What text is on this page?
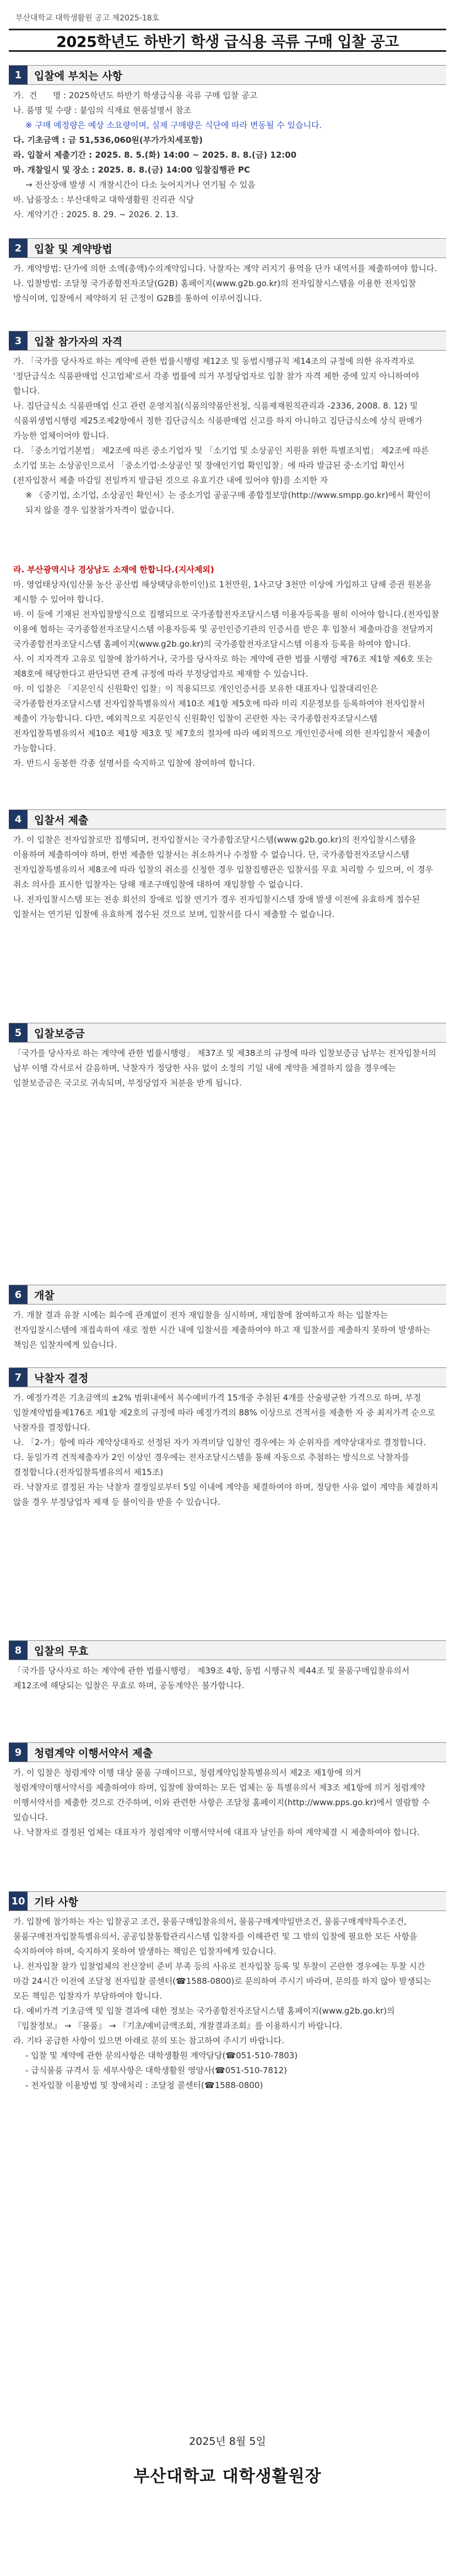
부산대학교 대학생활원 공고 제2025-18호
2025학년도 하반기 학생 급식용 곡류 구매 입찰 공고
1	입찰에 부치는 사항
가.  건      명 : 2025학년도 하반기 학생급식용 곡류 구매 입찰 공고
나. 품명 및 수량 : 붙임의 식재료 현품설명서 참조
※ 구매 예정량은 예상 소요량이며, 실제 구매량은 식단에 따라 변동될 수 있습니다.
다. 기초금액 : 금 51,536,060원(부가가치세포함)
라. 입찰서 제출기간 : 2025. 8. 5.(화) 14:00 ~ 2025. 8. 8.(금) 12:00
마. 개찰일시 및 장소 : 2025. 8. 8.(금) 14:00 입찰집행관 PC
→ 전산장애 발생 시 개찰시간이 다소 늦어지거나 연기될 수 있음
바. 납품장소 : 부산대학교 대학생활원 진리관 식당
사. 계약기간 : 2025. 8. 29. ~ 2026. 2. 13.
2	입찰 및 계약방법
가. 계약방법: 단가에 의한 소액(총액)수의계약입니다. 낙찰자는 계약 러지기 용역을 단가 내역서를 제출하여야 합니다.
나. 입찰방법: 조달청 국가종합전자조달(G2B) 홈페이지(www.g2b.go.kr)의 전자입찰시스템을 이용한 전자입찰 방식이며, 입찰에서 제약하지 된 근정이 G2B를 통하여 이루어집니다.
3	입찰 참가자의 자격
가. 「국가를 당사자로 하는 계약에 관한 법률시행령 제12조 및 동법시행규칙 제14조의 규정에 의한 유자격자로 '정단급식소 식품판매업 신고업체'로서 각종 법률에 의거 부정당업자로 입찰 참가 자격 제한 중에 있지 아니하여야 합니다.
나. 집단급식소 식품판매업 신고 관련 운영지침(식품의약품안전청, 식품제재원칙관리과 -2336, 2008. 8. 12) 및 식품위생법시행령 제25조제2항에서 정한 집단급식소 식품판매업 신고를 하지 아니하고 집단급식소에 상식 판매가 가능한 업체이어야 합니다.
다. 「중소기업기본법」 제2조에 따른 중소기업자 및 「소기업 및 소상공인 지원을 위한 특별조치법」 제2조에 따른 소기업 또는 소상공인으로서 「중소기업·소상공인 및 장애인기업 확인입찰」에 따라 발급된 중·소기업 확인서(전자입찰서 제출 마감일 전일까지 발급된 것으로 유효기간 내에 있어야 함)를 소지한 자
※ 《중기업, 소기업, 소상공인 확인서》는 중소기업 공공구매 종합정보망(http://www.smpp.go.kr)에서 확인이 되지 않을 경우 입찰참가자격이 없습니다.

라. 부산광역시나 경상남도 소재에 한합니다.(지사제외)
마. 영업태상자(임산물 농산 공산법 해상택당유한이인)로 1천만원, 1사고당 3천만 이상에 가입하고 담해 증권 원본을 제시할 수 있어야 합니다.
바. 이 들에 기재된 전자입찰방식으로 집행되므로 국가종합전자조달시스템 이용자등록을 필히 이어야 합니다.(전자입찰 이용에 협하는 국가종합전자조달시스템 이용자등록 및 공인인증기관의 인증서를 받은 후 입찰서 제출마감을 전달까지 국가종합전자조달시스템 홈페이지(www.g2b.go.kr)의 국가종합전자조달시스템 이용자 등록을 하여야 합니다.
사. 이 지자격자 고유로 입찰에 참가하거나, 국가를 당사자로 하는 계약에 관한 법률 시행령 제76조 제1항 제6호 또는 제8호에 해당한다고 판단되면 관계 규정에 따라 부정당업자로 제재할 수 있습니다.
아. 이 입찰은 「지문인식 신원확인 입찰」이 적용되므로 개인인증서를 보유한 대표자나 입찰대리인은 국가종합전자조달시스템 전자입찰특별유의서 제10조 제1항 제5호에 따라 미리 지문정보를 등록하여야 전자입찰서 제출이 가능합니다. 다만, 예외적으로 지문인식 신원확인 입찰이 곤란한 자는 국가종합전자조달시스템 전자입찰특별유의서 제10조 제1항 제3호 및 제7호의 절차에 따라 예외적으로 개인인증서에 의한 전자입찰서 제출이 가능합니다.
자. 반드시 동봉한 각종 설명서를 숙지하고 입찰에 참여하여 합니다.
4	입찰서 제출
가. 이 입찰은 전자입찰로만 집행되며, 전자입찰서는 국가종합조달시스템(www.g2b.go.kr)의 전자입찰시스템을 이용하여 제출하여야 하며, 한번 제출한 입찰서는 취소하거나 수정할 수 없습니다. 단, 국가종합전자조달시스템 전자입찰특별유의서 제8조에 따라 입찰의 취소를 신청한 경우 입찰집행관은 입찰서를 무효 처리할 수 있으며, 이 경우 취소 의사를 표시한 입찰자는 당해 재조구매입찰에 대하여 재입찰할 수 없습니다.
나. 전자입찰시스템 또는 전송 회선의 장애로 입찰 연기가 경우 전자입찰시스템 장애 발생 이전에 유효하게 접수된 입찰서는 연기된 입찰에 유효하게 접수된 것으로 보며, 입찰서를 다시 제출할 수 없습니다.
5	입찰보증금
「국가를 당사자로 하는 계약에 관한 법률시행령」 제37조 및 제38조의 규정에 따라 입찰보증금 납부는 전자입찰서의 납부 이행 각서로서 갈음하며, 낙찰자가 정당한 사유 없이 소정의 기일 내에 계약을 체결하지 않을 경우에는 입찰보증금은 국고로 귀속되며, 부정당업자 처분을 받게 됩니다.
6	개찰
가. 개찰 결과 유찰 시에는 회수에 관계없이 전자 재입찰을 실시하며, 재입찰에 참여하고자 하는 입찰자는 전자입찰시스템에 재접속하여 새로 정한 시간 내에 입찰서를 제출하여야 하고 재 입찰서를 제출하지 못하여 발생하는 책임은 입찰자에게 있습니다.
7	낙찰자 결정
가. 예정가격은 기초금액의 ±2% 범위내에서 복수예비가격 15개중 추첨된 4개를 산술평균한 가격으로 하며, 부정 입찰계약법률제176조 제1항 제2호의 규정에 따라 예정가격의 88% 이상으로 견적서를 제출한 자 중 최저가격 순으로 낙찰자를 결정합니다.
나. 「2-가」항에 따라 계약상대자로 선정된 자가 자격미달 입찰인 경우에는 차 순위자를 계약상대자로 결정합니다.
다. 동일가격 견적제출자가 2인 이상인 경우에는 전자조달시스템을 통해 자동으로 추첨하는 방식으로 낙찰자를 결정합니다.(전자입찰특별유의서 제15조)
라. 낙찰자로 결정된 자는 낙찰자 결정일로부터 5일 이내에 계약을 체결하여야 하며, 정당한 사유 없이 계약을 체결하지 않을 경우 부정당업자 제재 등 불이익을 받을 수 있습니다.
8	입찰의 무효
「국가를 당사자로 하는 계약에 관한 법률시행령」 제39조 4항, 동법 시행규칙 제44조 및 물품구매입찰유의서 제12조에 해당되는 입찰은 무효로 하며, 공동계약은 불가합니다.
9	청렴계약 이행서약서 제출
가. 이 입찰은 청렴계약 이행 대상 물품 구매이므로, 청렴계약입찰특별유의서 제2조 제1항에 의거 청렴계약이행서약서를 제출하여야 하며, 입찰에 참여하는 모든 업체는 동 특별유의서 제3조 제1항에 의거 청렴계약 이행서약서를 제출한 것으로 간주하며, 이와 관련한 사항은 조달청 홈페이지(http://www.pps.go.kr)에서 열람할 수 있습니다.
나. 낙찰자로 결정된 업체는 대표자가 청렴계약 이행서약서에 대표자 날인을 하여 계약체결 시 제출하여야 합니다.
10 기타 사항
가. 입찰에 참가하는 자는 입찰공고 조건, 물품구매입찰유의서, 물품구매계약일반조건, 물품구매계약특수조건, 물품구매전자입찰특별유의서, 공공입찰통합관리시스템 입찰자를 이해관련 및 그 밖의 입찰에 필요한 모든 사항을 숙지하여야 하며, 숙지하지 못하여 발생하는 책임은 입찰자에게 있습니다.
나. 전자입찰 참가 입찰업체의 전산장비 준비 부족 등의 사유로 전자입찰 등록 및 투찰이 곤란한 경우에는 투찰 시간 마감 24시간 이전에 조달청 전자입찰 콜센터(☎1588-0800)로 문의하여 주시기 바라며, 문의를 하지 않아 발생되는 모든 책임은 입찰자가 부담하여야 합니다.
다. 예비가격 기초금액 및 입찰 결과에 대한 정보는 국가종합전자조달시스템 홈페이지(www.g2b.go.kr)의 『입찰정보』 → 『물품』 → 『기초/예비금액조회, 개찰결과조회』를 이용하시기 바랍니다.
라. 기타 공급한 사항이 있으면 아래로 문의 또는 참고하여 주시기 바랍니다.
- 입찰 및 계약에 관한 문의사항은 대학생활원 계약담당(☎051-510-7803)
- 급식물품 규격서 등 세부사항은 대학생활원 영양사(☎051-510-7812)
- 전자입찰 이용방법 및 장애처리 : 조달청 콜센터(☎1588-0800)
2025년 8월 5일
부산대학교 대학생활원장
